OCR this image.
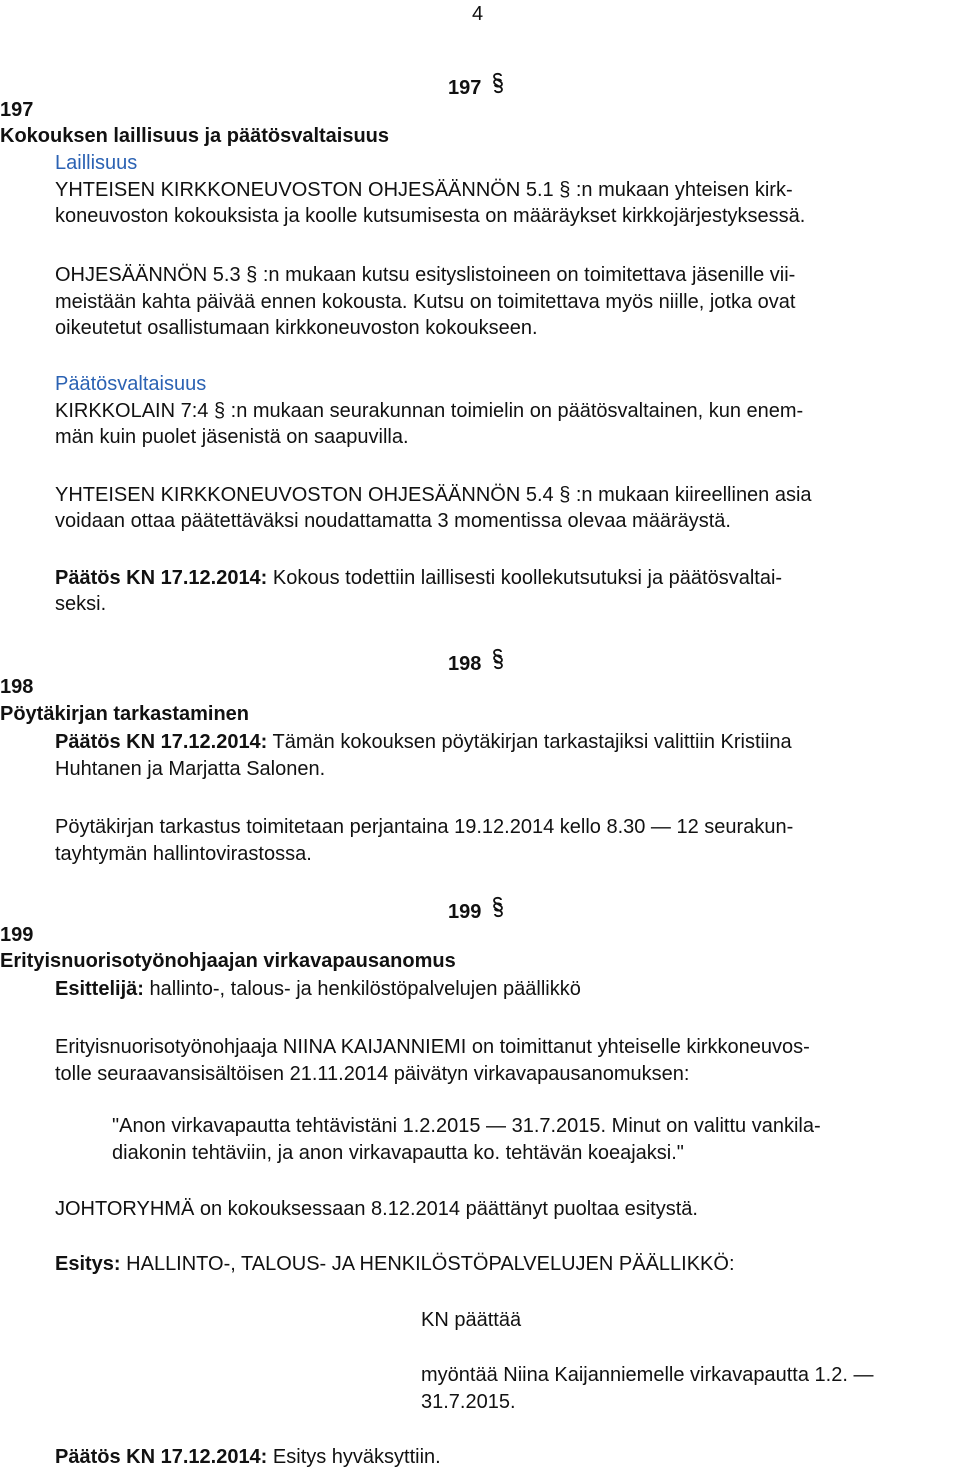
4
197
197
Kokouksen laillisuus ja päätösvaltaisuus
Laillisuus
YHTEISEN KIRKKONEUVOSTON OHJESÄÄNNÖN 5.1 § :n mukaan yhteisen kirk-
koneuvoston kokouksista ja koolle kutsumisesta on määräykset kirkkojärjestyksessä.
OHJESÄÄNNÖN 5.3 § :n mukaan kutsu esityslistoineen on toimitettava jäsenille vii-
meistään kahta päivää ennen kokousta. Kutsu on toimitettava myös niille, jotka ovat
oikeutetut osallistumaan kirkkoneuvoston kokoukseen.
Päätösvaltaisuus
KIRKKOLAIN 7:4 § :n mukaan seurakunnan toimielin on päätösvaltainen, kun enem-
män kuin puolet jäsenistä on saapuvilla.
YHTEISEN KIRKKONEUVOSTON OHJESÄÄNNÖN 5.4 § :n mukaan kiireellinen asia
voidaan ottaa päätettäväksi noudattamatta 3 momentissa olevaa määräystä.
Päätös KN 17.12.2014: Kokous todettiin laillisesti koollekutsutuksi ja päätösvaltai-
seksi.
198
198
Pöytäkirjan tarkastaminen
Päätös KN 17.12.2014: Tämän kokouksen pöytäkirjan tarkastajiksi valittiin Kristiina
Huhtanen ja Marjatta Salonen.
Pöytäkirjan tarkastus toimitetaan perjantaina 19.12.2014 kello 8.30 — 12 seurakun-
tayhtymän hallintovirastossa.
199
199
Erityisnuorisotyönohjaajan virkavapausanomus
Esittelijä: hallinto-, talous- ja henkilöstöpalvelujen päällikkö
Erityisnuorisotyönohjaaja NIINA KAIJANNIEMI on toimittanut yhteiselle kirkkoneuvos-
tolle seuraavansisältöisen 21.11.2014 päivätyn virkavapausanomuksen:
"Anon virkavapautta tehtävistäni 1.2.2015 — 31.7.2015. Minut on valittu vankila-
diakonin tehtäviin, ja anon virkavapautta ko. tehtävän koeajaksi."
JOHTORYHMÄ on kokouksessaan 8.12.2014 päättänyt puoltaa esitystä.
Esitys: HALLINTO-, TALOUS- JA HENKILÖSTÖPALVELUJEN PÄÄLLIKKÖ:
KN päättää
myöntää Niina Kaijanniemelle virkavapautta 1.2. —
31.7.2015.
Päätös KN 17.12.2014: Esitys hyväksyttiin.
